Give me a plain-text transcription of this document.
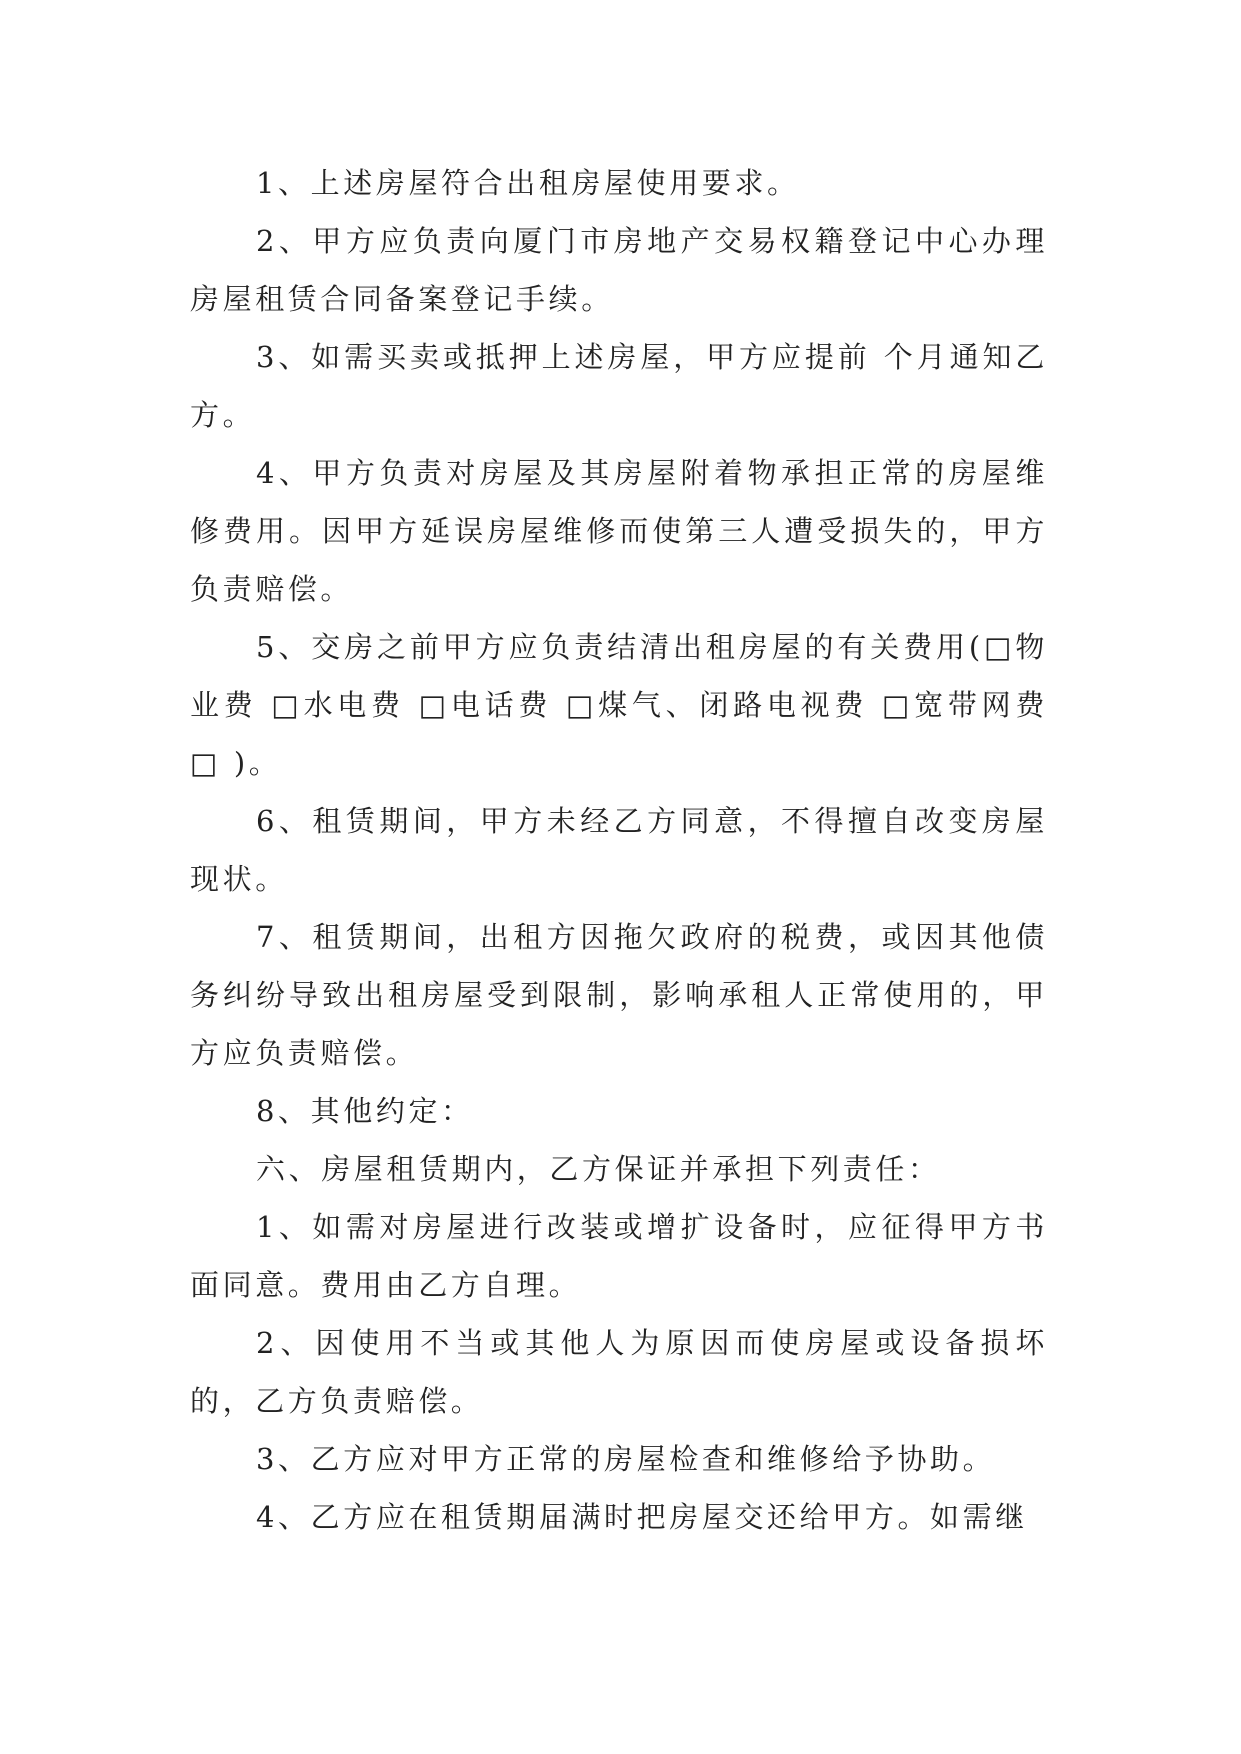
1、上述房屋符合出租房屋使用要求。

2、甲方应负责向厦门市房地产交易权籍登记中心办理房屋租赁合同备案登记手续。

3、如需买卖或抵押上述房屋，甲方应提前 个月通知乙方。

4、甲方负责对房屋及其房屋附着物承担正常的房屋维修费用。因甲方延误房屋维修而使第三人遭受损失的，甲方负责赔偿。

5、交房之前甲方应负责结清出租房屋的有关费用(□物业费 □水电费 □电话费 □煤气、闭路电视费 □宽带网费 □ )。

6、租赁期间，甲方未经乙方同意，不得擅自改变房屋现状。

7、租赁期间，出租方因拖欠政府的税费，或因其他债务纠纷导致出租房屋受到限制，影响承租人正常使用的，甲方应负责赔偿。

8、其他约定：

六、房屋租赁期内，乙方保证并承担下列责任：

1、如需对房屋进行改装或增扩设备时，应征得甲方书面同意。费用由乙方自理。

2、因使用不当或其他人为原因而使房屋或设备损坏的，乙方负责赔偿。

3、乙方应对甲方正常的房屋检查和维修给予协助。

4、乙方应在租赁期届满时把房屋交还给甲方。如需继
